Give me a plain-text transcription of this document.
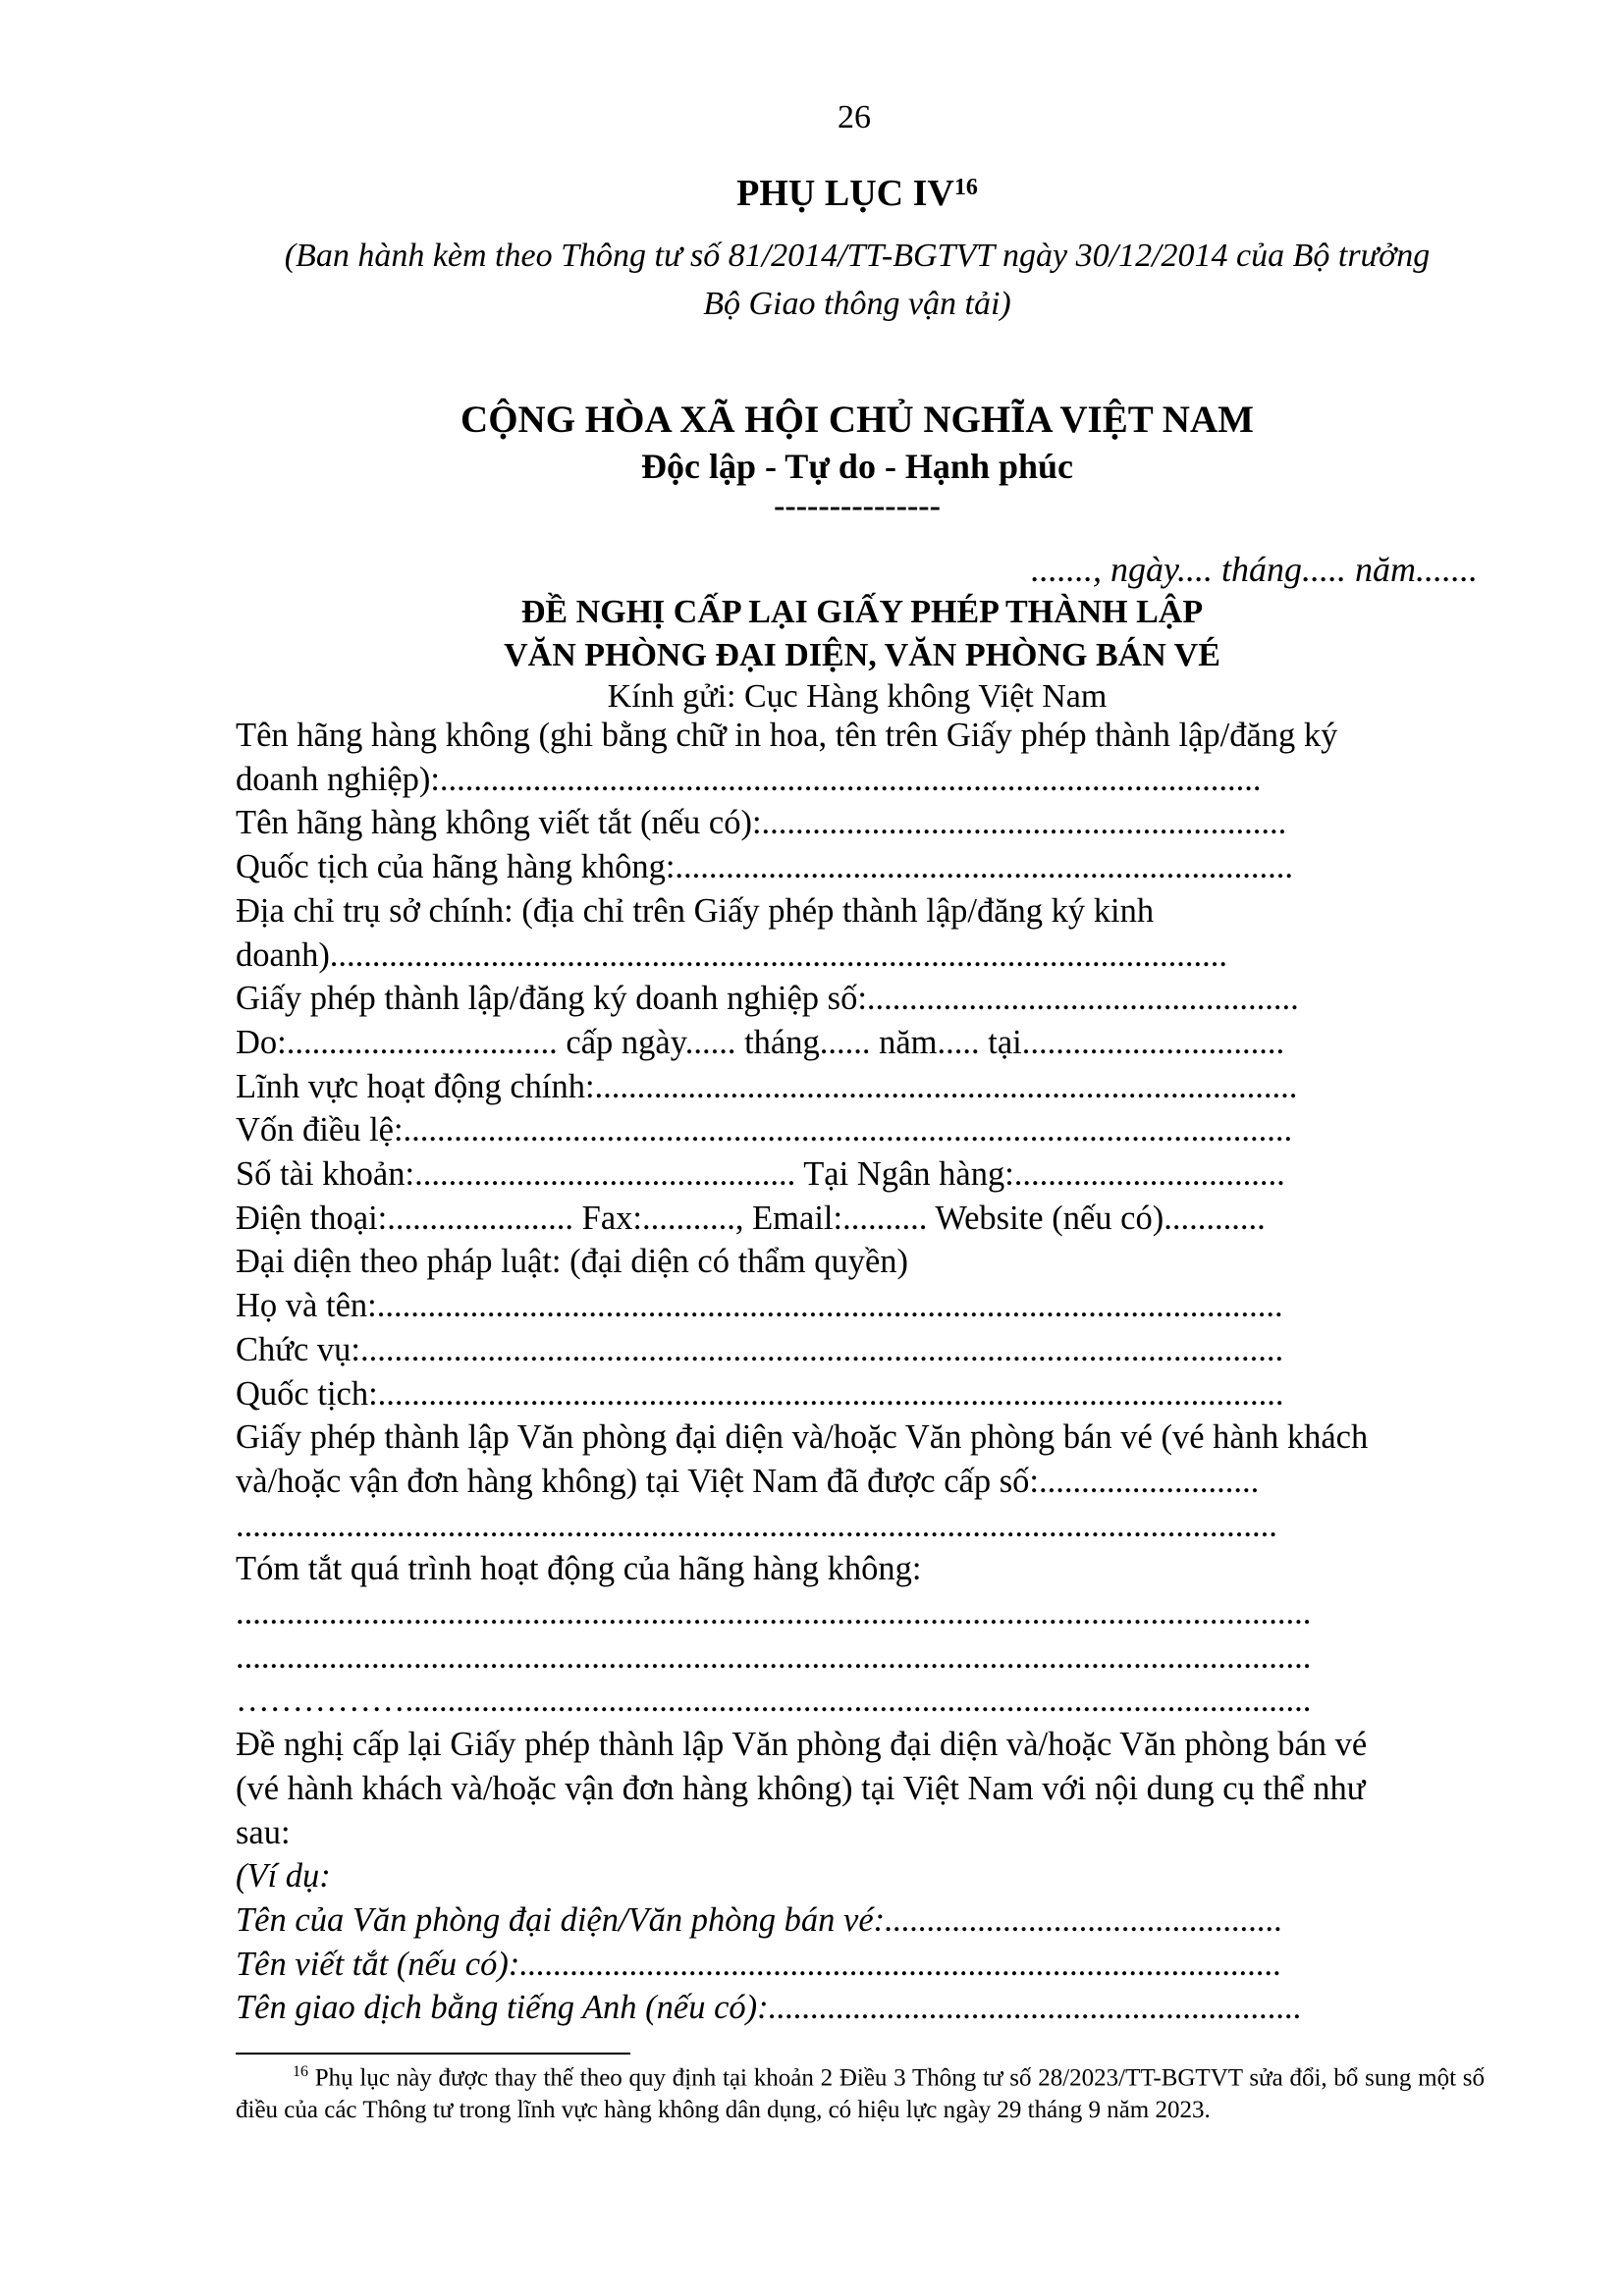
26
PHỤ LỤC IV$^{16}$
(Ban hành kèm theo Thông tư số 81/2014/TT-BGTVT ngày 30/12/2014 của Bộ trưởng
Bộ Giao thông vận tải)
CỘNG HÒA XÃ HỘI CHỦ NGHĨA VIỆT NAM
Độc lập - Tự do - Hạnh phúc
---------------
......., ngày.... tháng..... năm.......
ĐỀ NGHỊ CẤP LẠI GIẤY PHÉP THÀNH LẬP
VĂN PHÒNG ĐẠI DIỆN, VĂN PHÒNG BÁN VÉ
Kính gửi: Cục Hàng không Việt Nam
Tên hãng hàng không (ghi bằng chữ in hoa, tên trên Giấy phép thành lập/đăng ký
doanh nghiệp):.................................................................................................
Tên hãng hàng không viết tắt (nếu có):..............................................................
Quốc tịch của hãng hàng không:.........................................................................
Địa chỉ trụ sở chính: (địa chỉ trên Giấy phép thành lập/đăng ký kinh
doanh)..........................................................................................................
Giấy phép thành lập/đăng ký doanh nghiệp số:...................................................
Do:................................ cấp ngày...... tháng...... năm..... tại...............................
Lĩnh vực hoạt động chính:...................................................................................
Vốn điều lệ:.........................................................................................................
Số tài khoản:............................................. Tại Ngân hàng:................................
Điện thoại:...................... Fax:..........., Email:.......... Website (nếu có)............
Đại diện theo pháp luật: (đại diện có thẩm quyền)
Họ và tên:...........................................................................................................
Chức vụ:.............................................................................................................
Quốc tịch:...........................................................................................................
Giấy phép thành lập Văn phòng đại diện và/hoặc Văn phòng bán vé (vé hành khách
và/hoặc vận đơn hàng không) tại Việt Nam đã được cấp số:..........................
...........................................................................................................................
Tóm tắt quá trình hoạt động của hãng hàng không:
...............................................................................................................................
...............................................................................................................................
……………...........................................................................................................
Đề nghị cấp lại Giấy phép thành lập Văn phòng đại diện và/hoặc Văn phòng bán vé
(vé hành khách và/hoặc vận đơn hàng không) tại Việt Nam với nội dung cụ thể như
sau:
(Ví dụ:
Tên của Văn phòng đại diện/Văn phòng bán vé:...............................................
Tên viết tắt (nếu có):..........................................................................................
Tên giao dịch bằng tiếng Anh (nếu có):...............................................................
$^{16}$ Phụ lục này được thay thế theo quy định tại khoản 2 Điều 3 Thông tư số 28/2023/TT-BGTVT sửa đổi, bổ sung một số điều của các Thông tư trong lĩnh vực hàng không dân dụng, có hiệu lực ngày 29 tháng 9 năm 2023.
